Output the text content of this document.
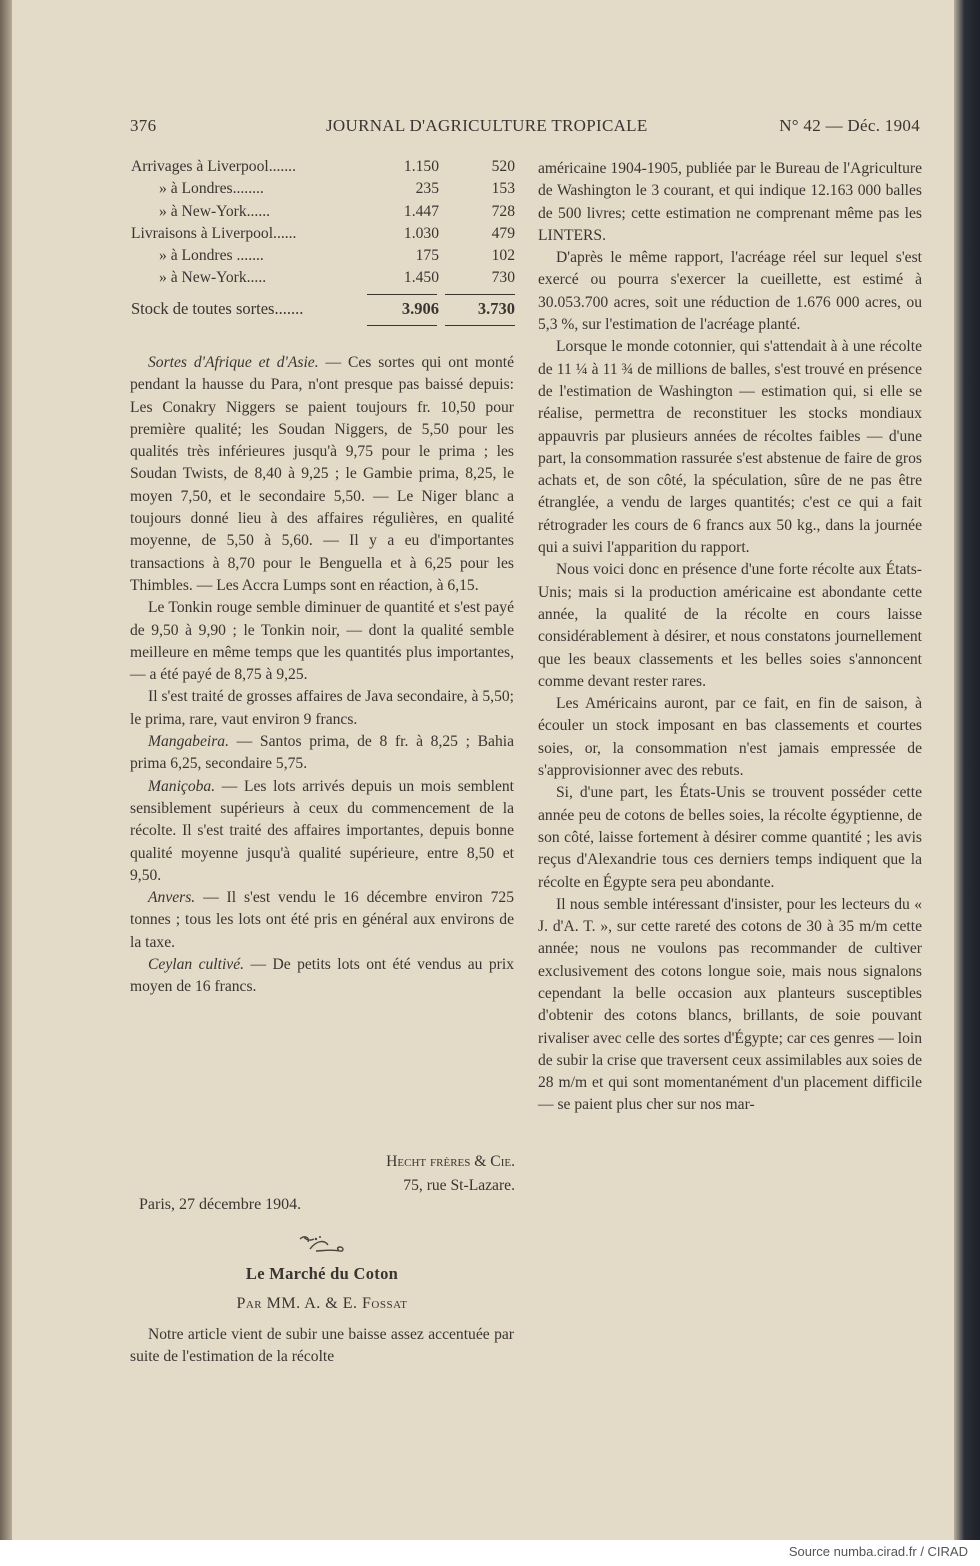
376	JOURNAL D'AGRICULTURE TROPICALE	N° 42 — Déc. 1904
Arrivages à Liverpool.......	1.150	520
» à Londres........	235	153
» à New-York......	1.447	728
Livraisons à Liverpool......	1.030	479
» à Londres .......	175	102
» à New-York.....	1.450	730
Stock de toutes sortes.......	3.906	3.730

Sortes d'Afrique et d'Asie. — Ces sortes qui ont monté pendant la hausse du Para, n'ont presque pas baissé depuis: Les Conakry Niggers se paient toujours fr. 10,50 pour première qualité; les Soudan Niggers, de 5,50 pour les qualités très inférieures jusqu'à 9,75 pour le prima ; les Soudan Twists, de 8,40 à 9,25 ; le Gambie prima, 8,25, le moyen 7,50, et le secondaire 5,50. — Le Niger blanc a toujours donné lieu à des affaires régulières, en qualité moyenne, de 5,50 à 5,60. — Il y a eu d'importantes transactions à 8,70 pour le Benguella et à 6,25 pour les Thimbles. — Les Accra Lumps sont en réaction, à 6,15.

Le Tonkin rouge semble diminuer de quantité et s'est payé de 9,50 à 9,90 ; le Tonkin noir, — dont la qualité semble meilleure en même temps que les quantités plus importantes, — a été payé de 8,75 à 9,25.

Il s'est traité de grosses affaires de Java secondaire, à 5,50; le prima, rare, vaut environ 9 francs.

Mangabeira. — Santos prima, de 8 fr. à 8,25 ; Bahia prima 6,25, secondaire 5,75.

Maniçoba. — Les lots arrivés depuis un mois semblent sensiblement supérieurs à ceux du commencement de la récolte. Il s'est traité des affaires importantes, depuis bonne qualité moyenne jusqu'à qualité supérieure, entre 8,50 et 9,50.

Anvers. — Il s'est vendu le 16 décembre environ 725 tonnes ; tous les lots ont été pris en général aux environs de la taxe.

Ceylan cultivé. — De petits lots ont été vendus au prix moyen de 16 francs.

Hecht frères & Cie.
75, rue St-Lazare.
Paris, 27 décembre 1904.
Le Marché du Coton
Par MM. A. & E. Fossat

Notre article vient de subir une baisse assez accentuée par suite de l'estimation de la récolte

américaine 1904-1905, publiée par le Bureau de l'Agriculture de Washington le 3 courant, et qui indique 12.163 000 balles de 500 livres; cette estimation ne comprenant même pas les LINTERS.

D'après le même rapport, l'acréage réel sur lequel s'est exercé ou pourra s'exercer la cueillette, est estimé à 30.053.700 acres, soit une réduction de 1.676 000 acres, ou 5,3 %, sur l'estimation de l'acréage planté.

Lorsque le monde cotonnier, qui s'attendait à à une récolte de 11 ¼ à 11 ¾ de millions de balles, s'est trouvé en présence de l'estimation de Washington — estimation qui, si elle se réalise, permettra de reconstituer les stocks mondiaux appauvris par plusieurs années de récoltes faibles — d'une part, la consommation rassurée s'est abstenue de faire de gros achats et, de son côté, la spéculation, sûre de ne pas être étranglée, a vendu de larges quantités; c'est ce qui a fait rétrograder les cours de 6 francs aux 50 kg., dans la journée qui a suivi l'apparition du rapport.

Nous voici donc en présence d'une forte récolte aux États-Unis; mais si la production américaine est abondante cette année, la qualité de la récolte en cours laisse considérablement à désirer, et nous constatons journellement que les beaux classements et les belles soies s'annoncent comme devant rester rares.

Les Américains auront, par ce fait, en fin de saison, à écouler un stock imposant en bas classements et courtes soies, or, la consommation n'est jamais empressée de s'approvisionner avec des rebuts.

Si, d'une part, les États-Unis se trouvent posséder cette année peu de cotons de belles soies, la récolte égyptienne, de son côté, laisse fortement à désirer comme quantité ; les avis reçus d'Alexandrie tous ces derniers temps indiquent que la récolte en Égypte sera peu abondante.

Il nous semble intéressant d'insister, pour les lecteurs du « J. d'A. T. », sur cette rareté des cotons de 30 à 35 m/m cette année; nous ne voulons pas recommander de cultiver exclusivement des cotons longue soie, mais nous signalons cependant la belle occasion aux planteurs susceptibles d'obtenir des cotons blancs, brillants, de soie pouvant rivaliser avec celle des sortes d'Égypte; car ces genres — loin de subir la crise que traversent ceux assimilables aux soies de 28 m/m et qui sont momentanément d'un placement difficile — se paient plus cher sur nos mar-

Source numba.cirad.fr / CIRAD
